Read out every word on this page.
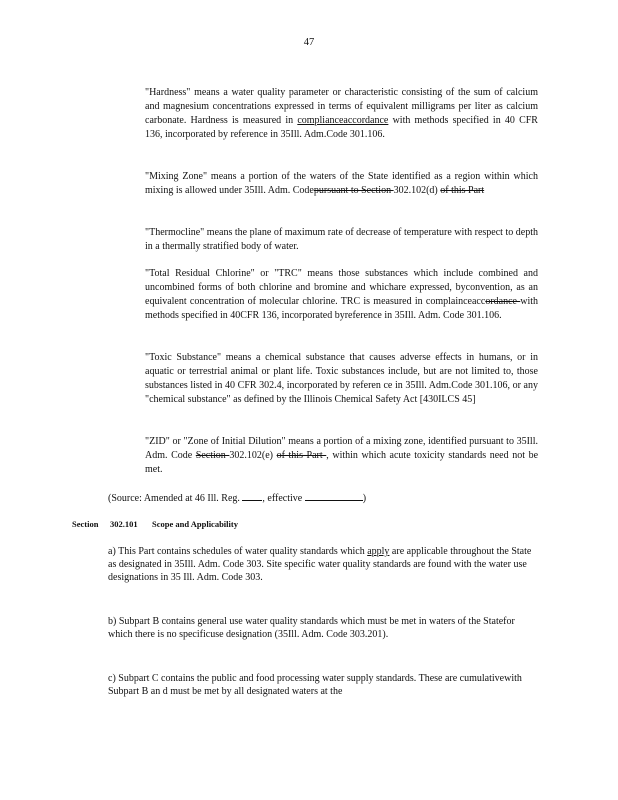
47
"Hardness" means a water quality parameter or characteristic consisting of the sum of calcium and magnesium concentrations expressed in terms of equivalent milligrams per liter as calcium carbonate. Hardness is measured in complianceaccordance with methods specified in 40 CFR 136, incorporated by reference in 35Ill. Adm.Code 301.106.
"Mixing Zone" means a portion of the waters of the State identified as a region within which mixing is allowed under 35Ill. Adm. Codepursuant to Section 302.102(d) of this Part
"Thermocline" means the plane of maximum rate of decrease of temperature with respect to depth in a thermally stratified body of water.
"Total Residual Chlorine" or "TRC" means those substances which include combined and uncombined forms of both chlorine and bromine and whichare expressed, byconvention, as an equivalent concentration of molecular chlorine. TRC is measured in complainceaccordance with methods specified in 40CFR 136, incorporated byreference in 35Ill. Adm. Code 301.106.
"Toxic Substance" means a chemical substance that causes adverse effects in humans, or in aquatic or terrestrial animal or plant life. Toxic substances include, but are not limited to, those substances listed in 40 CFR 302.4, incorporated by referen ce in 35Ill. Adm.Code 301.106, or any "chemical substance" as defined by the Illinois Chemical Safety Act [430ILCS 45]
"ZID" or "Zone of Initial Dilution" means a portion of a mixing zone, identified pursuant to 35Ill. Adm. Code Section 302.102(e) of this Part , within which acute toxicity standards need not be met.
(Source: Amended at 46 Ill. Reg. , effective	)
Section 302.101 Scope and Applicability
a) This Part contains schedules of water quality standards which apply are applicable throughout the State as designated in 35Ill. Adm. Code 303. Site specific water quality standards are found with the water use designations in 35 Ill. Adm. Code 303.
b) Subpart B contains general use water quality standards which must be met in waters of the Statefor which there is no specificuse designation (35Ill. Adm. Code 303.201).
c) Subpart C contains the public and food processing water supply standards. These are cumulativewith Subpart B an d must be met by all designated waters at the
